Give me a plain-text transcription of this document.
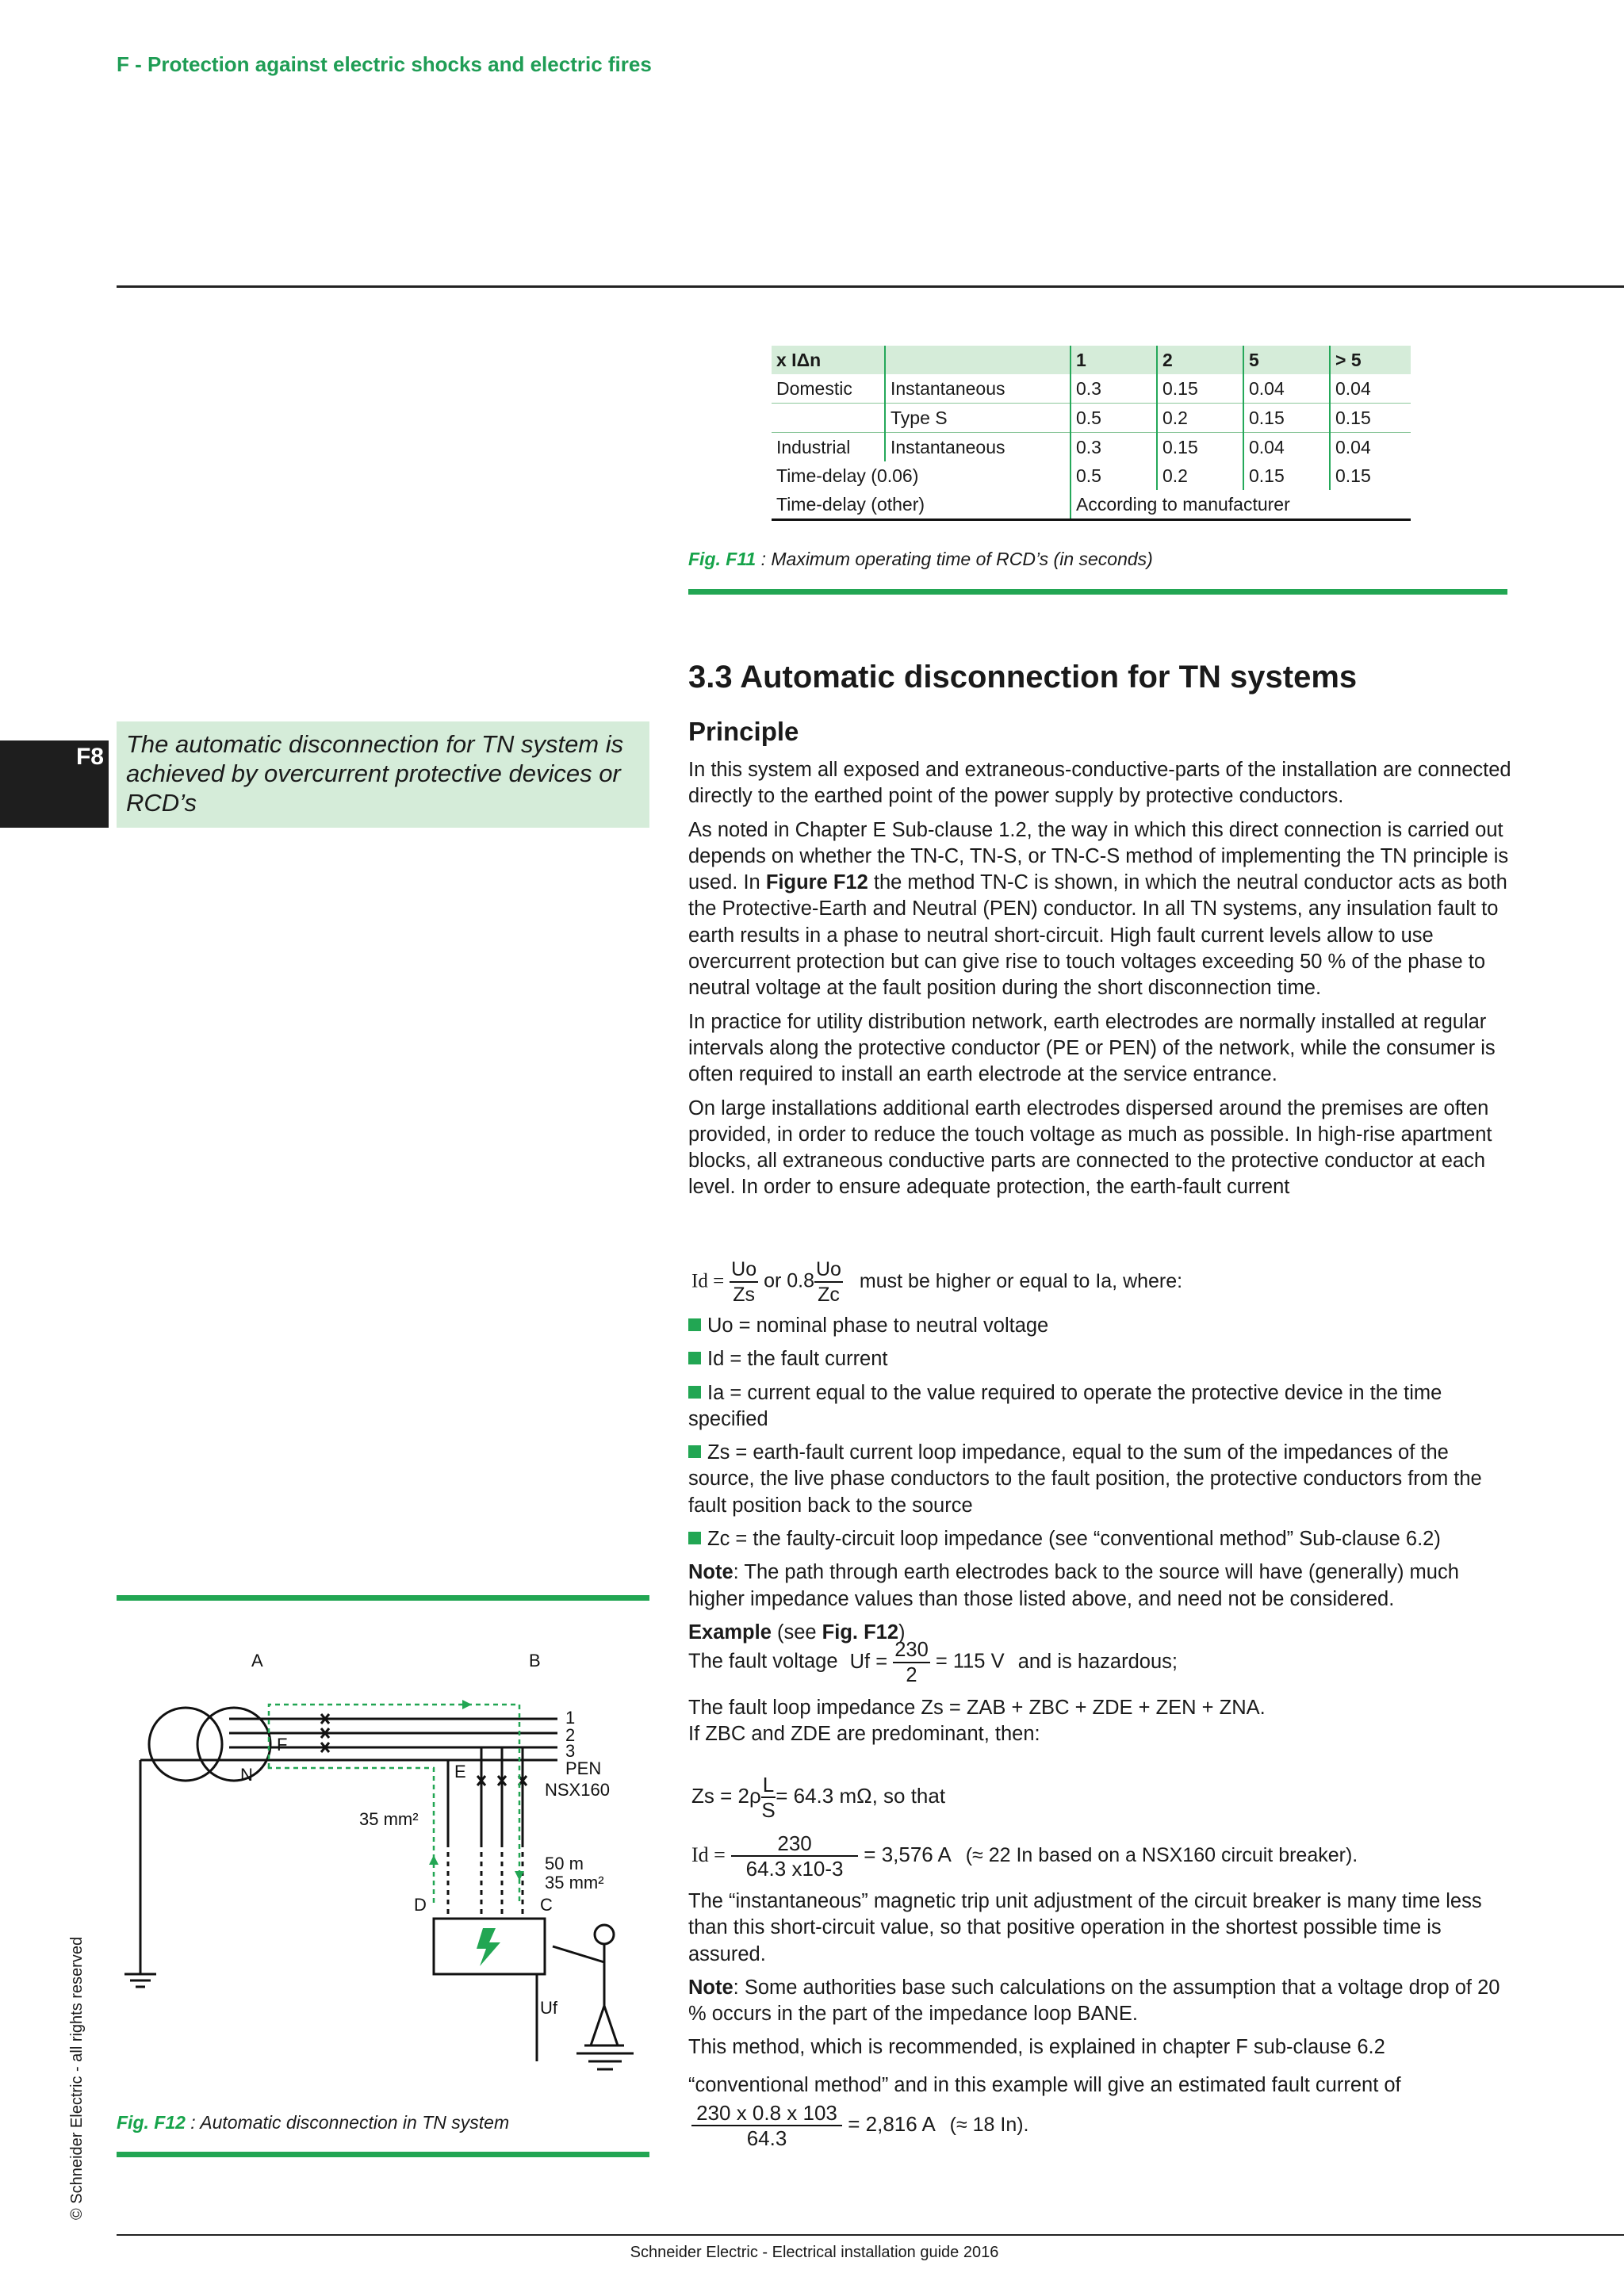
F - Protection against electric shocks and electric fires
x IΔn		1	2	5	> 5
Domestic	Instantaneous	0.3	0.15	0.04	0.04
	Type S	0.5	0.2	0.15	0.15
Industrial	Instantaneous	0.3	0.15	0.04	0.04
Time-delay (0.06)		0.5	0.2	0.15	0.15
Time-delay (other)		According to manufacturer			
Fig. F11 : Maximum operating time of RCD’s (in seconds)
3.3 Automatic disconnection for TN systems
Principle
F8 The automatic disconnection for TN system is achieved by overcurrent protective devices or RCD’s

In this system all exposed and extraneous-conductive-parts of the installation are connected directly to the earthed point of the power supply by protective conductors.

As noted in Chapter E Sub-clause 1.2, the way in which this direct connection is carried out depends on whether the TN-C, TN-S, or TN-C-S method of implementing the TN principle is used. In Figure F12 the method TN-C is shown, in which the neutral conductor acts as both the Protective-Earth and Neutral (PEN) conductor. In all TN systems, any insulation fault to earth results in a phase to neutral short-circuit. High fault current levels allow to use overcurrent protection but can give rise to touch voltages exceeding 50 % of the phase to neutral voltage at the fault position during the short disconnection time.

In practice for utility distribution network, earth electrodes are normally installed at regular intervals along the protective conductor (PE or PEN) of the network, while the consumer is often required to install an earth electrode at the service entrance.

On large installations additional earth electrodes dispersed around the premises are often provided, in order to reduce the touch voltage as much as possible. In high-rise apartment blocks, all extraneous conductive parts are connected to the protective conductor at each level. In order to ensure adequate protection, the earth-fault current

$Id = \frac{Uo}{Zs}$ or $0.8 \frac{Uo}{Zc}$ must be higher or equal to Ia, where:

Uo = nominal phase to neutral voltage

Id = the fault current

Ia = current equal to the value required to operate the protective device in the time specified

Zs = earth-fault current loop impedance, equal to the sum of the impedances of the source, the live phase conductors to the fault position, the protective conductors from the fault position back to the source

Zc = the faulty-circuit loop impedance (see “conventional method” Sub-clause 6.2)

Note: The path through earth electrodes back to the source will have (generally) much higher impedance values than those listed above, and need not be considered.

Example (see Fig. F12)

The fault voltage $Uf = \frac{230}{2} = 115$ V and is hazardous;

The fault loop impedance Zs = ZAB + ZBC + ZDE + ZEN + ZNA.

If ZBC and ZDE are predominant, then:

$Zs = 2\rho \frac{L}{S} = 64.3$ mΩ, so that
$Id = \frac{230}{64.3 x10-3} = 3,576$ A (≈ 22 In based on a NSX160 circuit breaker).

The “instantaneous” magnetic trip unit adjustment of the circuit breaker is many time less than this short-circuit value, so that positive operation in the shortest possible time is assured.

Note: Some authorities base such calculations on the assumption that a voltage drop of 20 % occurs in the part of the impedance loop BANE.

This method, which is recommended, is explained in chapter F sub-clause 6.2

“conventional method” and in this example will give an estimated fault current of

$\frac{230 x 0.8 x 103}{64.3} = 2,816$ A (≈ 18 In).
A	B
F
N	E
D	C
1
2
3
PEN
NSX160
35 mm²
50 m
35 mm²
Uf
Fig. F12 : Automatic disconnection in TN system
© Schneider Electric - all rights reserved
Schneider Electric - Electrical installation guide 2016
